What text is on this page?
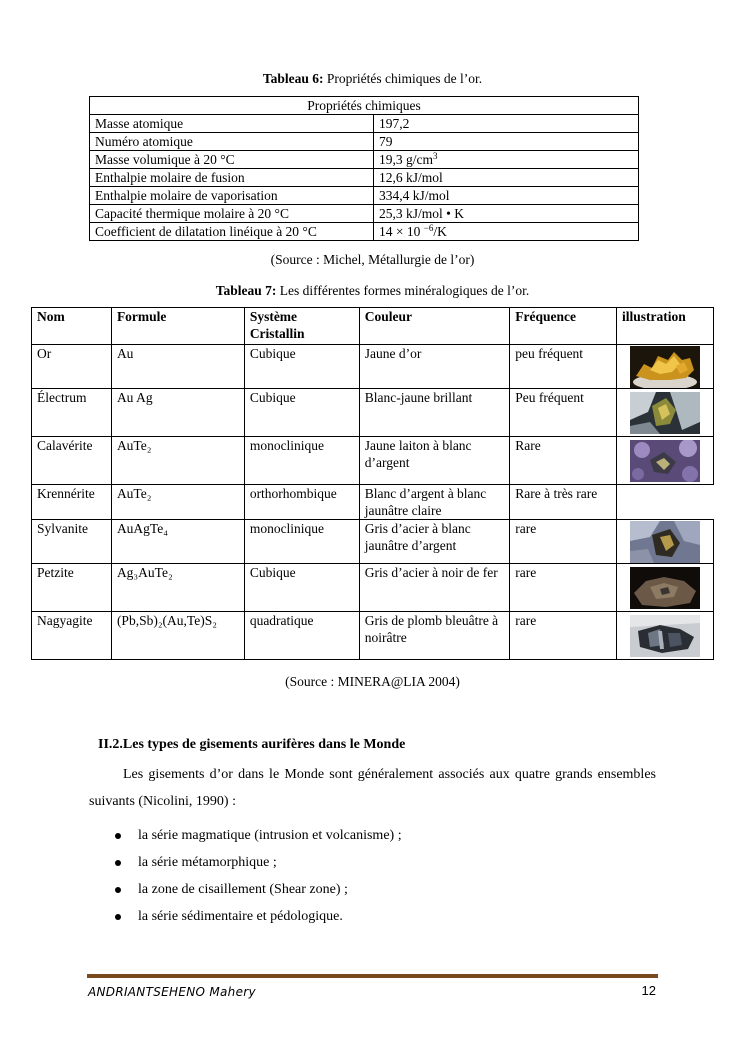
Tableau 6: Propriétés chimiques de l’or.
Propriétés chimiques	
Masse atomique	197,2
Numéro atomique	79
Masse volumique à 20 °C	19,3 $g/cm^3$
Enthalpie molaire de fusion	12,6 kJ/mol
Enthalpie molaire de vaporisation	334,4 kJ/mol
Capacité thermique molaire à 20 °C	25,3 kJ/mol • K
Coefficient de dilatation linéique à 20 °C	14 × 10 $^{-6}$/K
(Source : Michel, Métallurgie de l’or)
Tableau 7: Les différentes formes minéralogiques de l’or.
Nom	Formule	Système Cristallin	Couleur	Fréquence	illustration
Or	Au	Cubique	Jaune d’or	peu fréquent	

Électrum	Au Ag	Cubique	Blanc-jaune brillant	Peu fréquent	

Calavérite	AuTe₂	monoclinique	Jaune laiton à blanc d’argent	Rare	

Krennérite	AuTe₂	orthorhombique	Blanc d’argent à blanc jaunâtre claire	Rare à très rare	
Sylvanite	AuAgTe₄	monoclinique	Gris d’acier à blanc jaunâtre d’argent	rare	

Petzite	Ag₃AuTe₂	Cubique	Gris d’acier à noir de fer	rare	

Nagyagite	(Pb,Sb)₂(Au,Te)S₂	quadratique	Gris de plomb bleuâtre à noirâtre	rare	
(Source : MINERA@LIA 2004)
II.2.Les types de gisements aurifères dans le Monde
Les gisements d’or dans le Monde sont généralement associés aux quatre grands ensembles suivants (Nicolini, 1990) :
la série magmatique (intrusion et volcanisme) ;
la série métamorphique ;
la zone de cisaillement (Shear zone) ;
la série sédimentaire et pédologique.
ANDRIANTSEHENO Mahery	12
